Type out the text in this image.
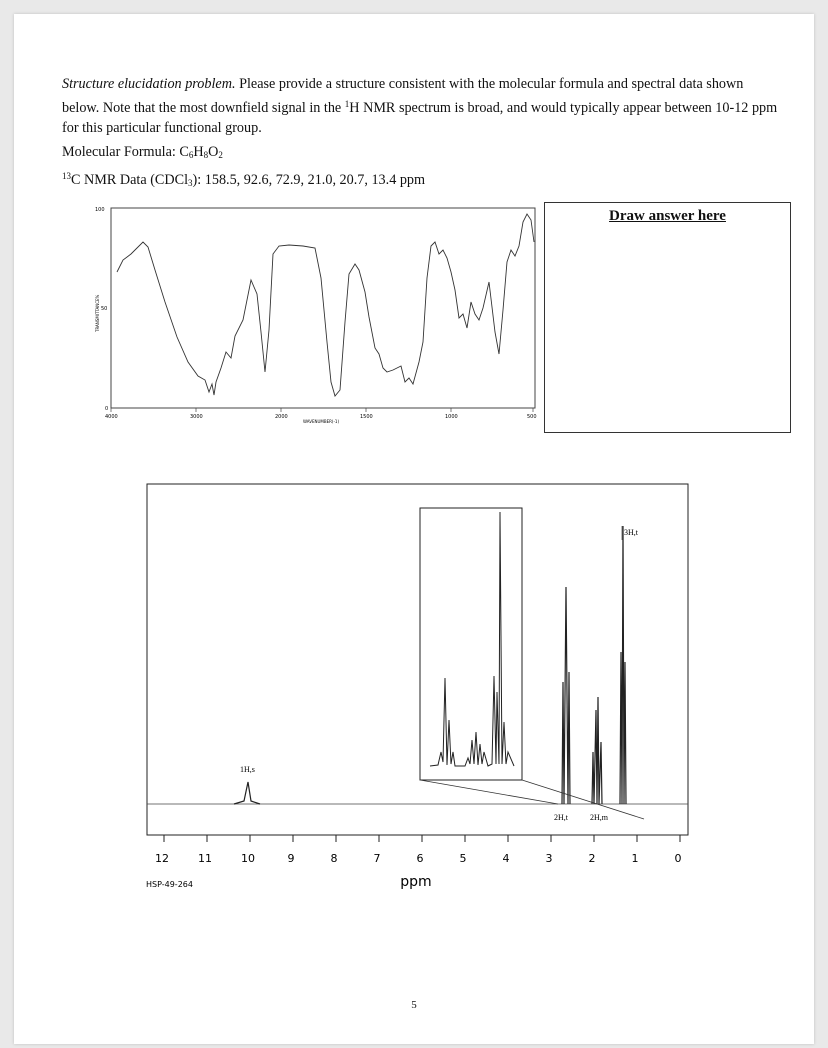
Structure elucidation problem. Please provide a structure consistent with the molecular formula and spectral data shown below. Note that the most downfield signal in the $^1$H NMR spectrum is broad, and would typically appear between 10-12 ppm for this particular functional group.
Molecular Formula: $C_6H_8O_2$
$^{13}$C NMR Data (CDCl$_3$): 158.5, 92.6, 72.9, 21.0, 20.7, 13.4 ppm
100
50
0
TRANSMITTANCE%
4000	3000	2000	1500	1000	500
WAVENUMBER(-1)
Draw answer here
1H,s
2H,t	2H,m
3H,t
12	11	10	9	8	7	6	5	4	3	2	1	0
ppm
HSP-49-264
5
